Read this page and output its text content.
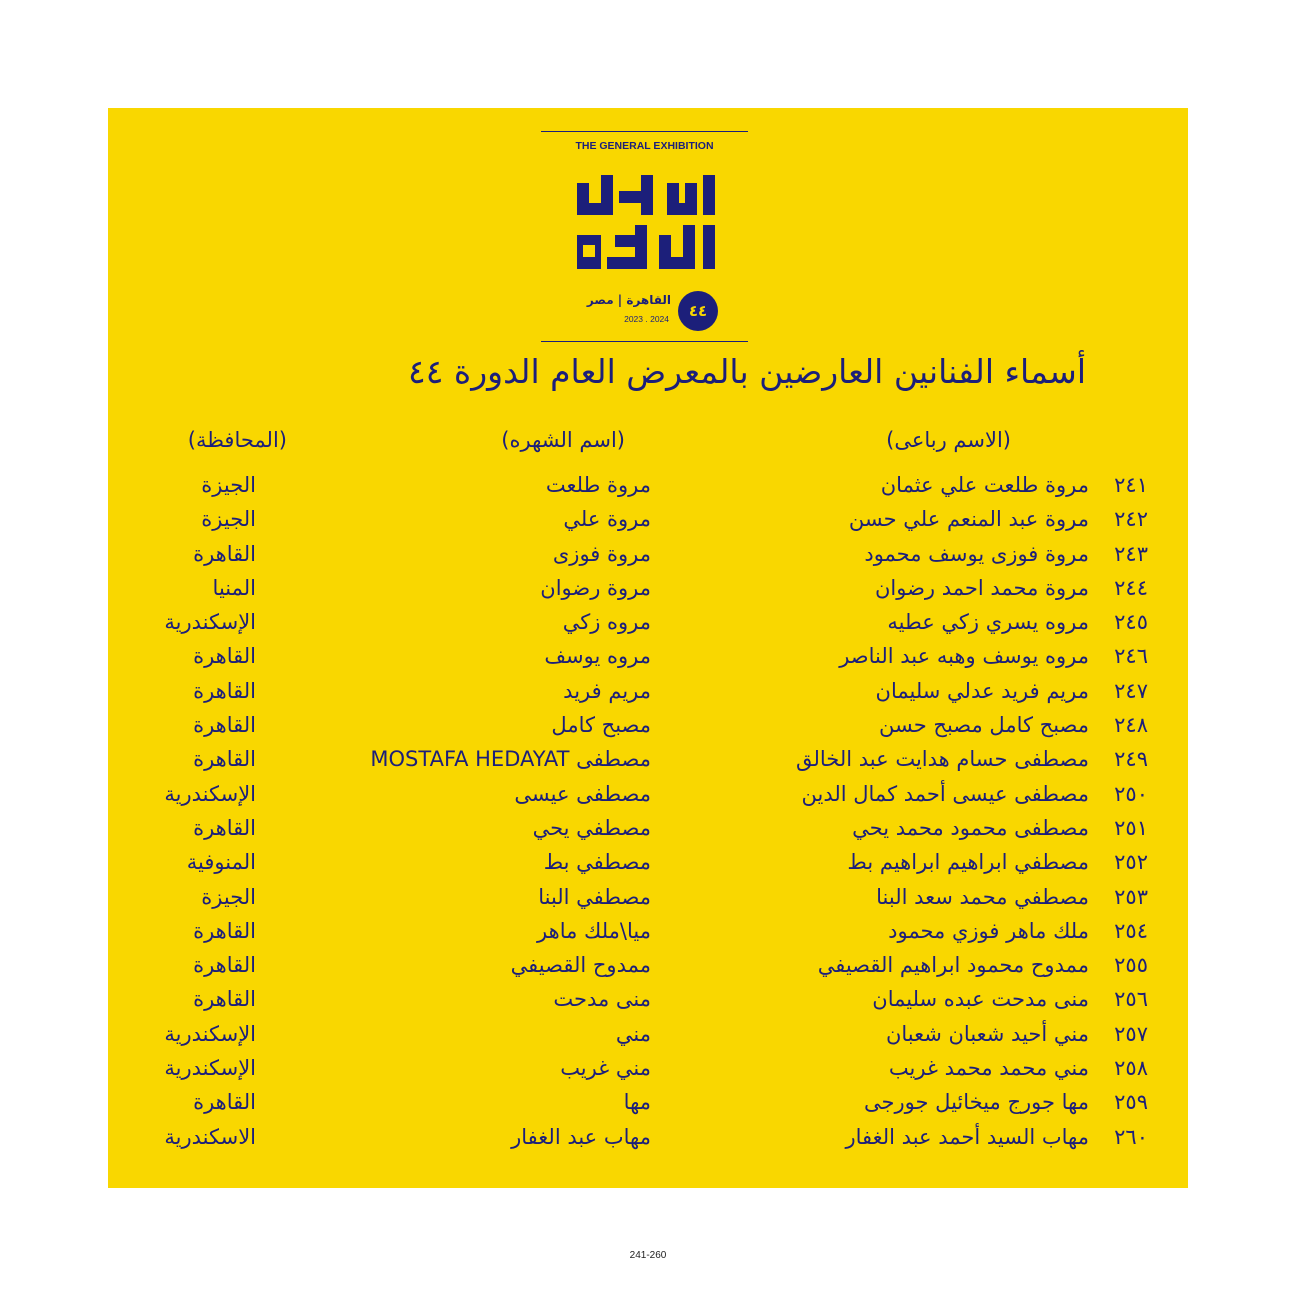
THE GENERAL EXHIBITION
٤٤
القاهرة | مصر
2023 . 2024
أسماء الفنانين العارضين بالمعرض العام الدورة ٤٤
(الاسم رباعى)
(اسم الشهره)
(المحافظة)
٢٤١
مروة طلعت علي عثمان
مروة طلعت
الجيزة
٢٤٢
مروة عبد المنعم علي حسن
مروة علي
الجيزة
٢٤٣
مروة فوزى يوسف محمود
مروة فوزى
القاهرة
٢٤٤
مروة محمد احمد رضوان
مروة رضوان
المنيا
٢٤٥
مروه يسري زكي عطيه
مروه زكي
الإسكندرية
٢٤٦
مروه يوسف وهبه عبد الناصر
مروه يوسف
القاهرة
٢٤٧
مريم فريد عدلي سليمان
مريم فريد
القاهرة
٢٤٨
مصبح كامل مصبح حسن
مصبح كامل
القاهرة
٢٤٩
مصطفى حسام هدايت عبد الخالق
مصطفى MOSTAFA HEDAYAT
القاهرة
٢٥٠
مصطفى عيسى أحمد كمال الدين
مصطفى عيسى
الإسكندرية
٢٥١
مصطفى محمود محمد يحي
مصطفي يحي
القاهرة
٢٥٢
مصطفي ابراهيم ابراهيم بط
مصطفي بط
المنوفية
٢٥٣
مصطفي محمد سعد البنا
مصطفي البنا
الجيزة
٢٥٤
ملك ماهر فوزي محمود
ميا\ملك ماهر
القاهرة
٢٥٥
ممدوح محمود ابراهيم القصيفي
ممدوح القصيفي
القاهرة
٢٥٦
منى مدحت عبده سليمان
منى مدحت
القاهرة
٢٥٧
مني أحيد شعبان شعبان
مني
الإسكندرية
٢٥٨
مني محمد محمد غريب
مني غريب
الإسكندرية
٢٥٩
مها جورج ميخائيل جورجى
مها
القاهرة
٢٦٠
مهاب السيد أحمد عبد الغفار
مهاب عبد الغفار
الاسكندرية
241-260
